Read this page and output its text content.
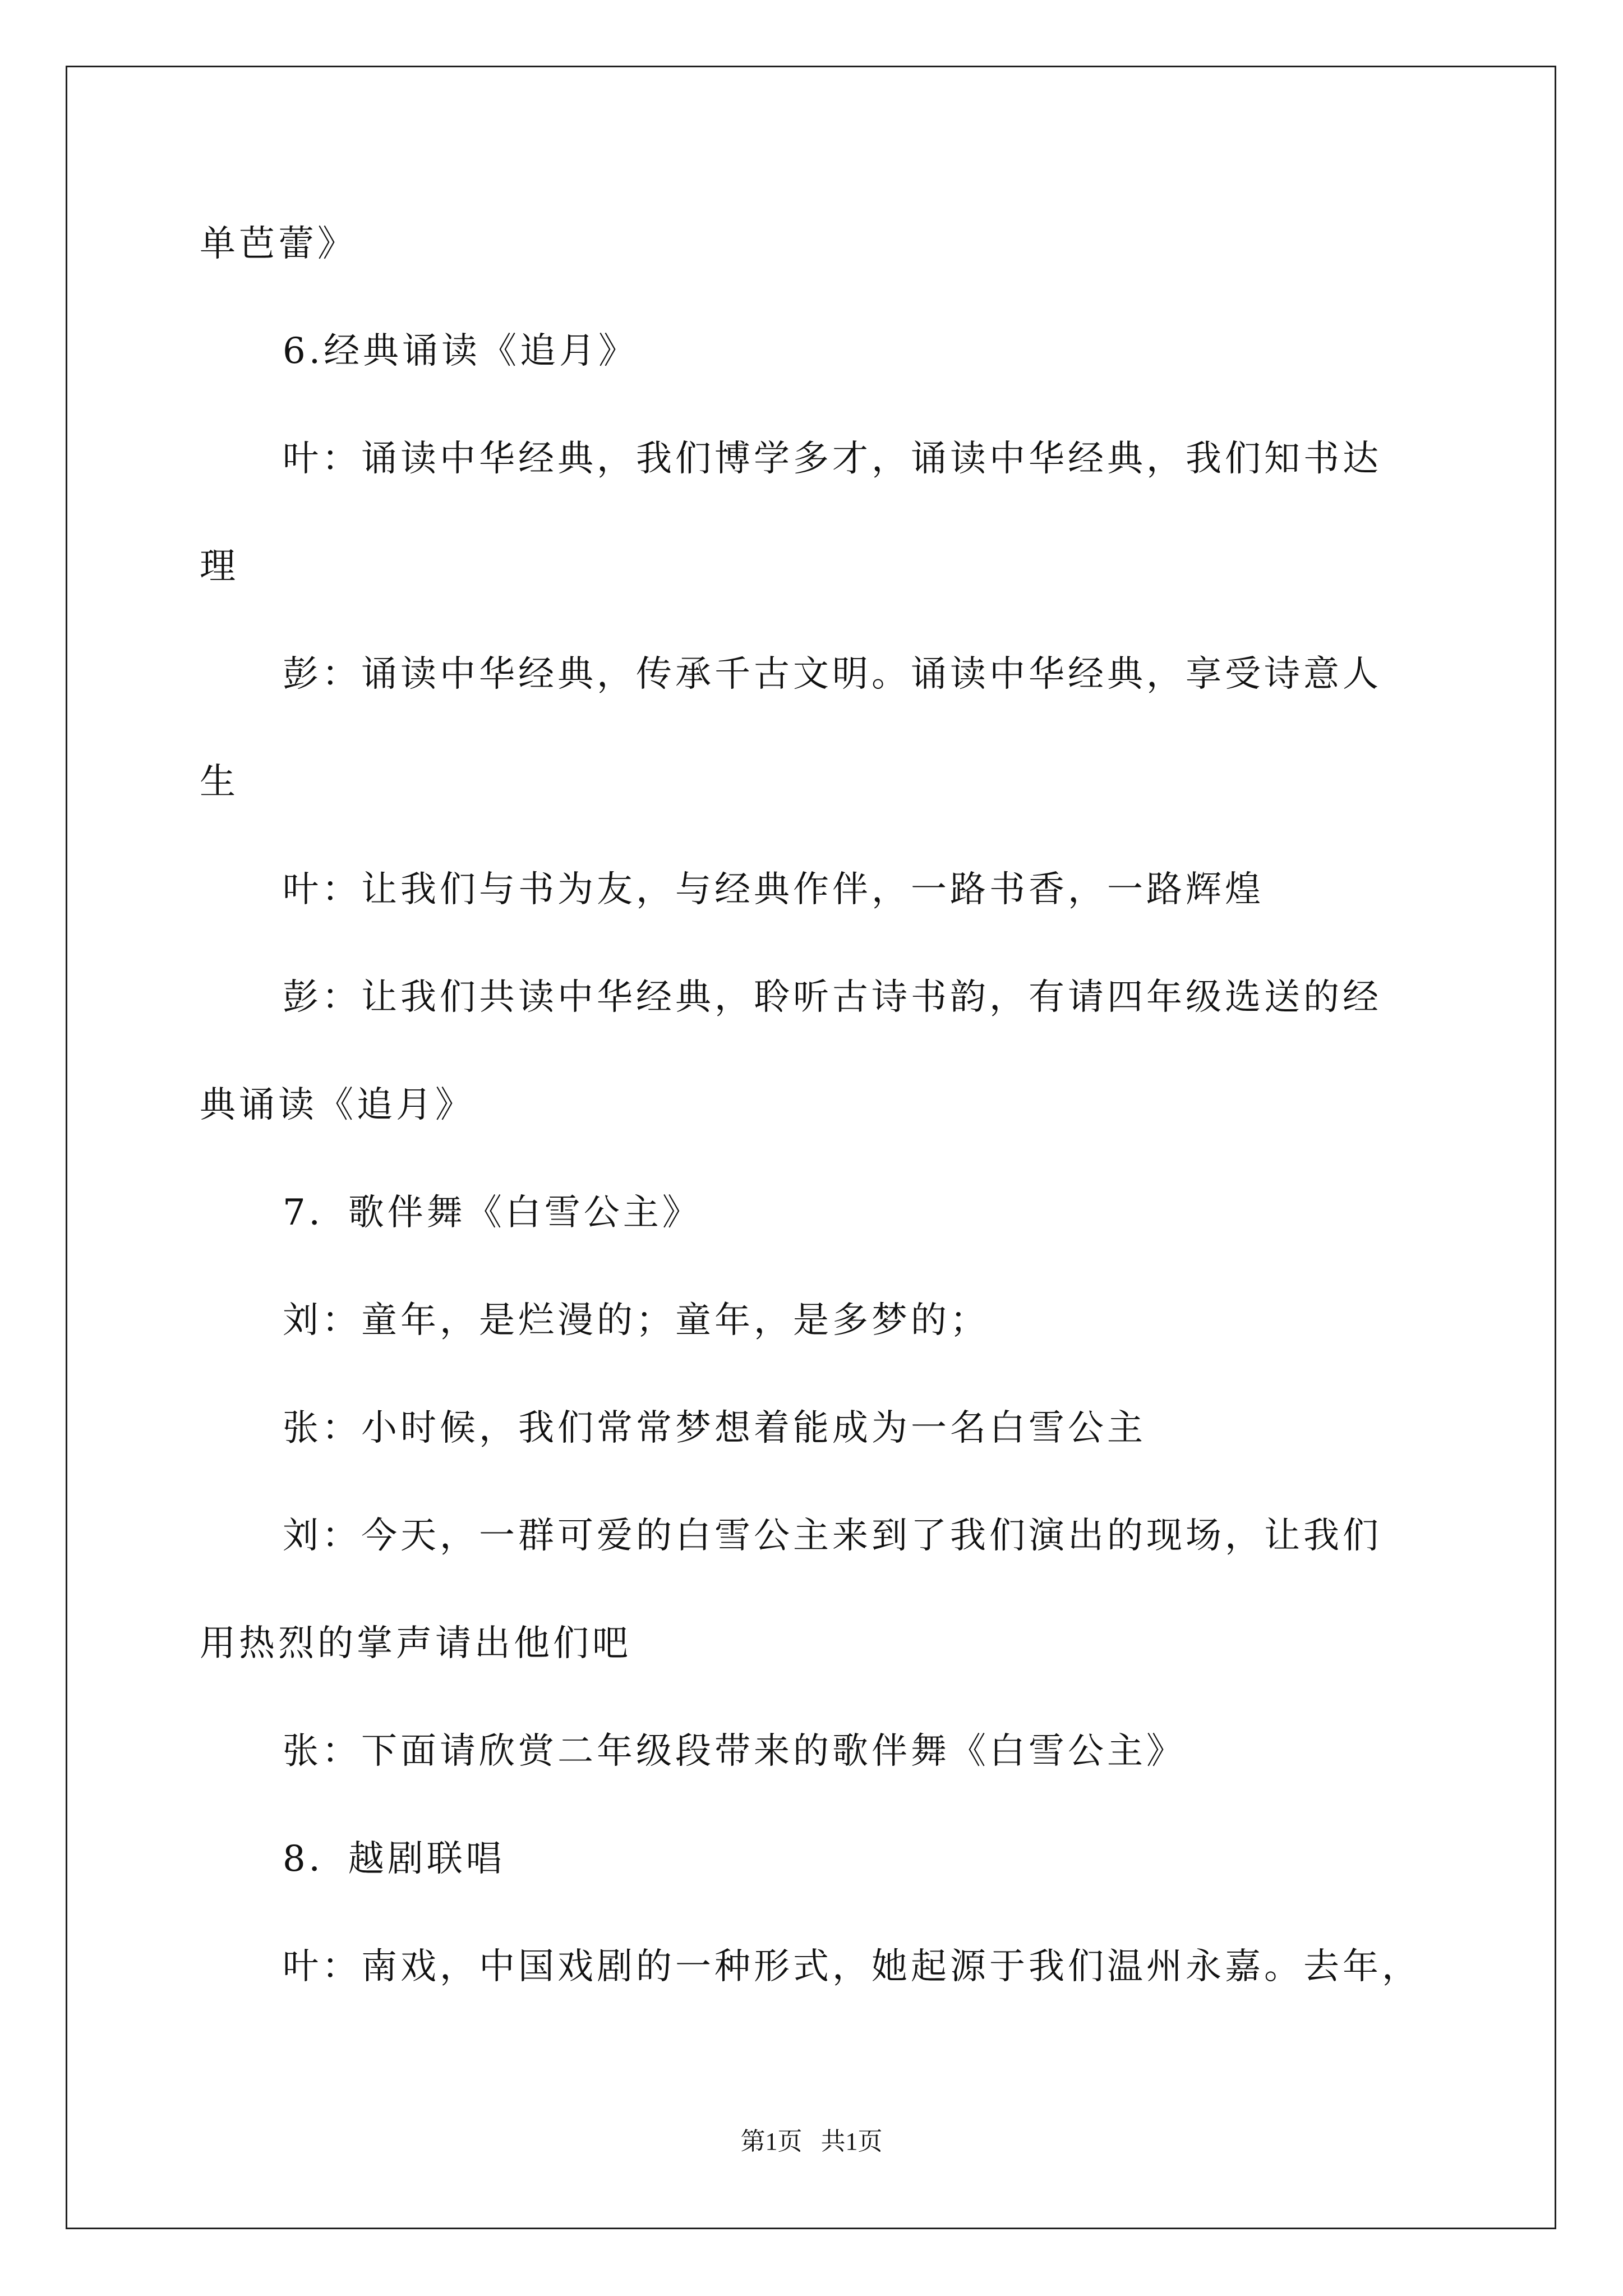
单芭蕾》
6.经典诵读《追月》
叶：诵读中华经典，我们博学多才，诵读中华经典，我们知书达
理
彭：诵读中华经典，传承千古文明。诵读中华经典，享受诗意人
生
叶：让我们与书为友，与经典作伴，一路书香，一路辉煌
彭：让我们共读中华经典，聆听古诗书韵，有请四年级选送的经
典诵读《追月》
7．歌伴舞《白雪公主》
刘：童年，是烂漫的；童年，是多梦的；
张：小时候，我们常常梦想着能成为一名白雪公主
刘：今天，一群可爱的白雪公主来到了我们演出的现场，让我们
用热烈的掌声请出他们吧
张：下面请欣赏二年级段带来的歌伴舞《白雪公主》
8．越剧联唱
叶：南戏，中国戏剧的一种形式，她起源于我们温州永嘉。去年，
第1页   共1页
